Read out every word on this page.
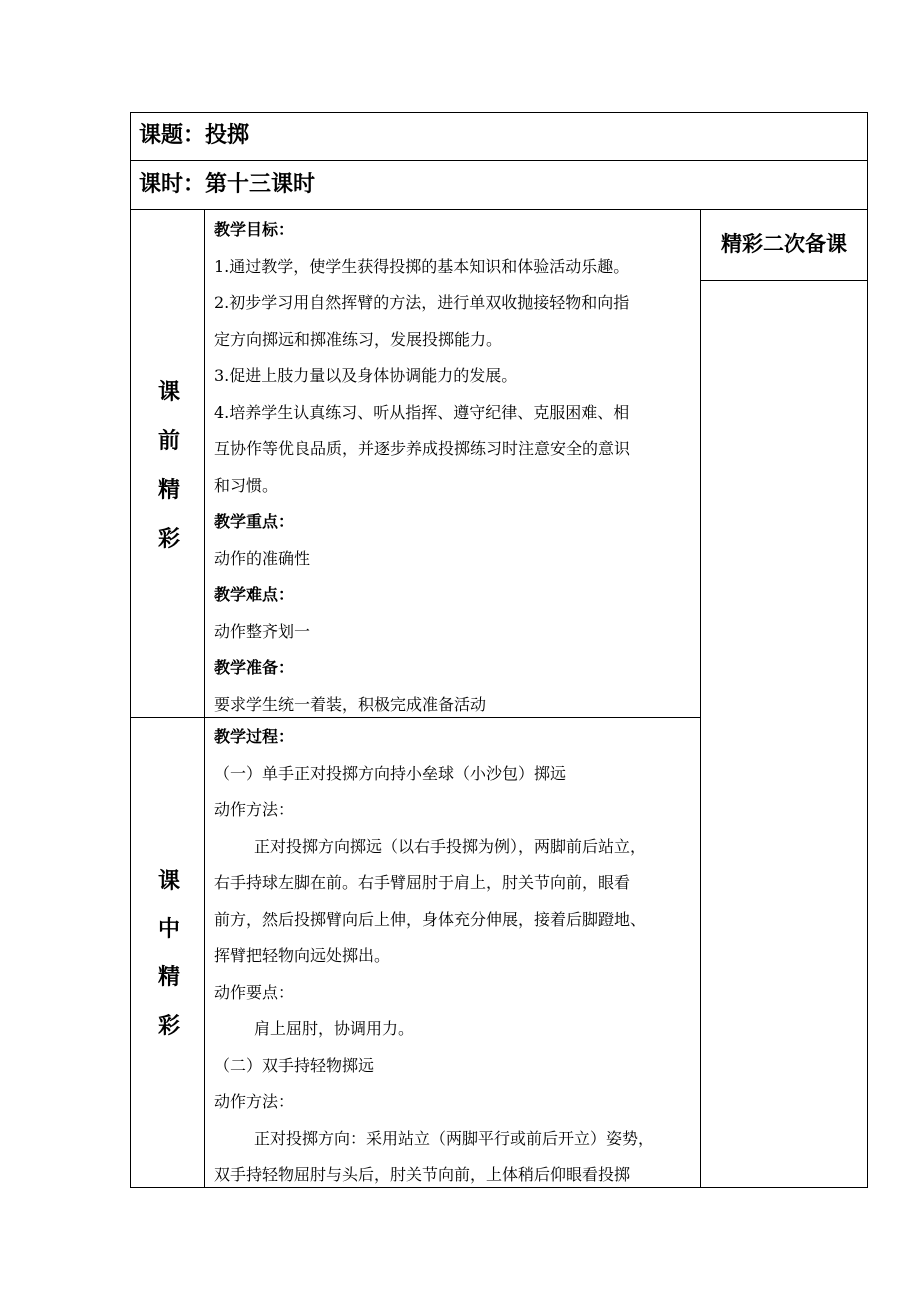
课题：投掷
课时：第十三课时
精彩二次备课
课
前
精
彩
教学目标：
1.通过教学，使学生获得投掷的基本知识和体验活动乐趣。
2.初步学习用自然挥臂的方法，进行单双收抛接轻物和向指
定方向掷远和掷准练习，发展投掷能力。
3.促进上肢力量以及身体协调能力的发展。
4.培养学生认真练习、听从指挥、遵守纪律、克服困难、相
互协作等优良品质，并逐步养成投掷练习时注意安全的意识
和习惯。
教学重点：
动作的准确性
教学难点：
动作整齐划一
教学准备：
要求学生统一着装，积极完成准备活动
课
中
精
彩
教学过程：
（一）单手正对投掷方向持小垒球（小沙包）掷远
动作方法：
正对投掷方向掷远（以右手投掷为例），两脚前后站立，
右手持球左脚在前。右手臂屈肘于肩上，肘关节向前，眼看
前方，然后投掷臂向后上伸，身体充分伸展，接着后脚蹬地、
挥臂把轻物向远处掷出。
动作要点：
肩上屈肘，协调用力。
（二）双手持轻物掷远
动作方法：
正对投掷方向：采用站立（两脚平行或前后开立）姿势，
双手持轻物屈肘与头后，肘关节向前，上体稍后仰眼看投掷
